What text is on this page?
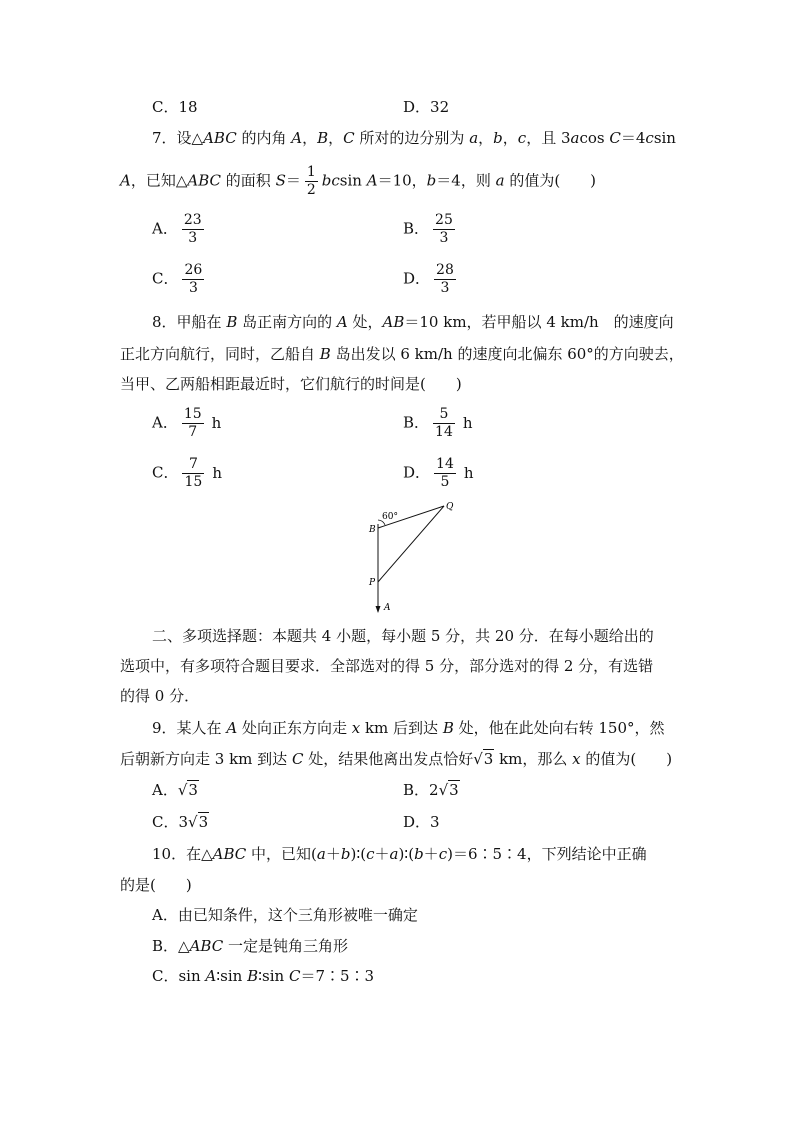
C．18	D．32
7．设△ABC 的内角 A，B，C 所对的边分别为 a，b，c，且 3acos C＝4csin
A，已知△ABC 的面积 $S= \frac{1}{2}$ bcsin A＝10，b＝4，则 a 的值为(　　)
A． $\frac{23}{3}$	B． $\frac{25}{3}$
C． $\frac{26}{3}$	D． $\frac{28}{3}$
8．甲船在 B 岛正南方向的 A 处，AB＝10 km，若甲船以 4 km/h　的速度向
正北方向航行，同时，乙船自 B 岛出发以 6 km/h 的速度向北偏东 60°的方向驶去，
当甲、乙两船相距最近时，它们航行的时间是(　　)
A． $\frac{15}{7}$ h	B． $\frac{5}{14}$ h
C． $\frac{7}{15}$ h	D． $\frac{14}{5}$ h
60°
B
Q
P
A
二、多项选择题：本题共 4 小题，每小题 5 分，共 20 分．在每小题给出的
选项中，有多项符合题目要求．全部选对的得 5 分，部分选对的得 2 分，有选错
的得 0 分．
9．某人在 A 处向正东方向走 x km 后到达 B 处，他在此处向右转 150°，然
后朝新方向走 3 km 到达 C 处，结果他离出发点恰好√3 km，那么 x 的值为(　　)
A．√3	B．2√3
C．3√3	D．3
10．在△ABC 中，已知(a＋b)∶(c＋a)∶(b＋c)＝6∶5∶4，下列结论中正确
的是(　　)
A．由已知条件，这个三角形被唯一确定
B．△ABC 一定是钝角三角形
C．sin A∶sin B∶sin C＝7∶5∶3
